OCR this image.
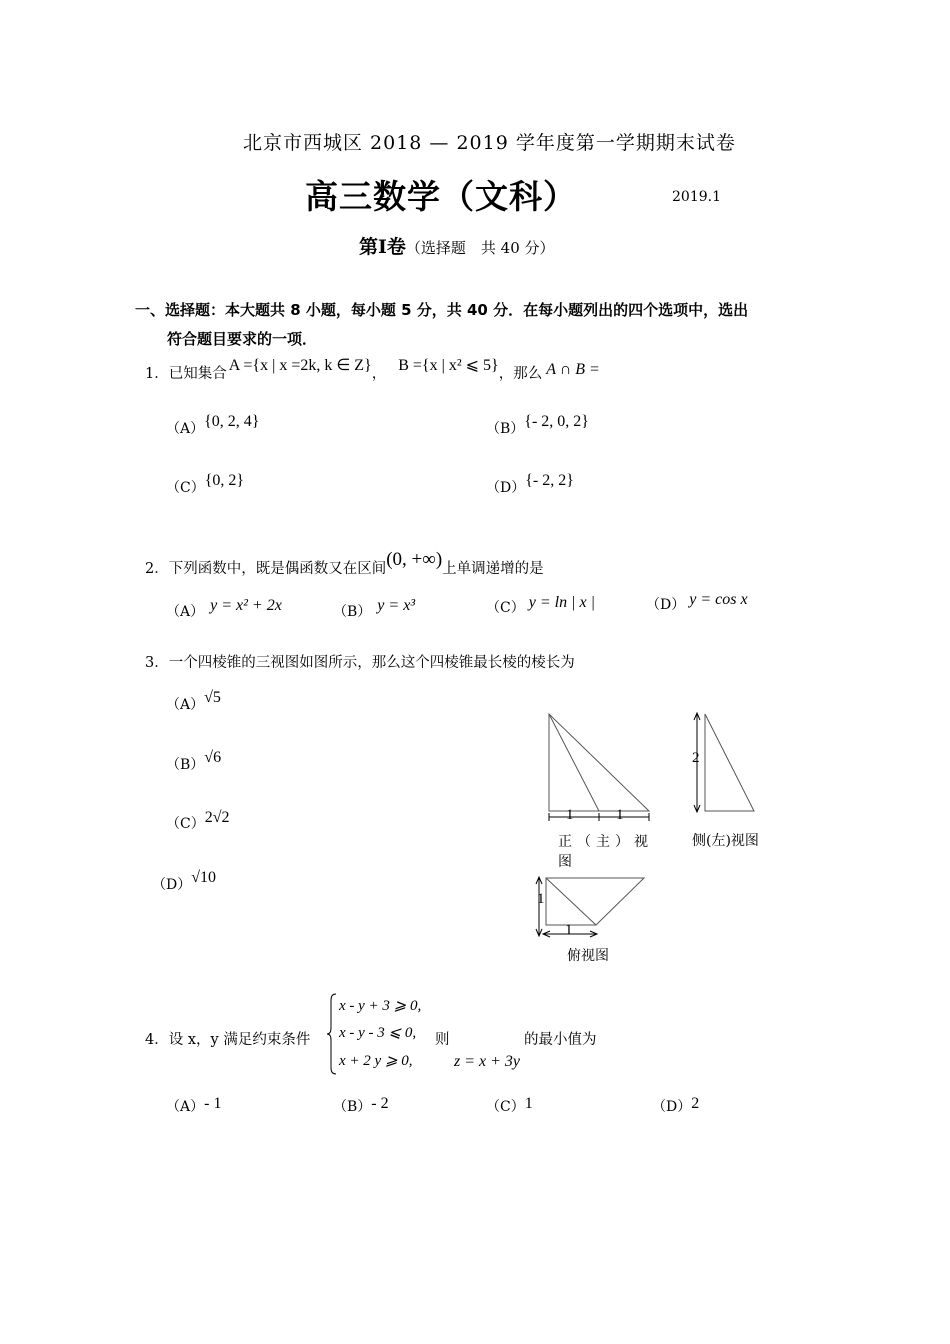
北京市西城区 2018 — 2019 学年度第一学期期末试卷
高三数学（文科）	2019.1
第Ⅰ卷（选择题　共 40 分）
一、选择题：本大题共 8 小题，每小题 5 分，共 40 分．在每小题列出的四个选项中，选出
符合题目要求的一项．
1．已知集合 A ={x | x =2k, k ∈ Z}， B ={x | x² ⩽ 5}，那么 A ∩ B =
（A）{0, 2, 4}	（B）{- 2, 0, 2}
（C）{0, 2}	（D）{- 2, 2}
2．下列函数中，既是偶函数又在区间(0, +∞)上单调递增的是
（A） y = x² + 2x	（B） y = x³	（C） y = ln | x |	（D） y = cos x
3．一个四棱锥的三视图如图所示，那么这个四棱锥最长棱的棱长为
（A）√5
（B）√6
（C）2√2
（D）√10
1	1
2
1
1
正（主）视
图
侧(左)视图
俯视图
4．设 x，y 满足约束条件
x - y + 3 ⩾ 0,
x - y - 3 ⩽ 0,
x + 2 y ⩾ 0,
则
z = x + 3y
的最小值为
（A）- 1	（B）- 2	（C）1	（D）2
